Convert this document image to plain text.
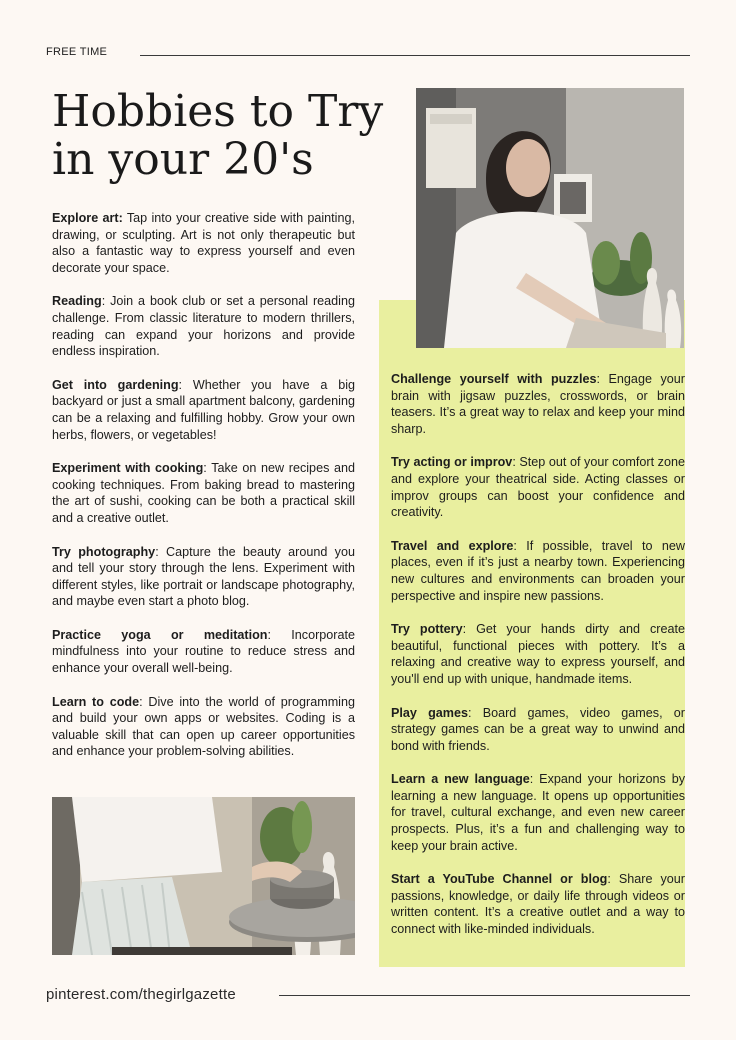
FREE TIME
Hobbies to Try in your 20's

Explore art: Tap into your creative side with painting, drawing, or sculpting. Art is not only therapeutic but also a fantastic way to express yourself and even decorate your space.

Reading: Join a book club or set a personal reading challenge. From classic literature to modern thrillers, reading can expand your horizons and provide endless inspiration.

Get into gardening: Whether you have a big backyard or just a small apartment balcony, gardening can be a relaxing and fulfilling hobby. Grow your own herbs, flowers, or vegetables!

Experiment with cooking: Take on new recipes and cooking techniques. From baking bread to mastering the art of sushi, cooking can be both a practical skill and a creative outlet.

Try photography: Capture the beauty around you and tell your story through the lens. Experiment with different styles, like portrait or landscape photography, and maybe even start a photo blog.

Practice yoga or meditation: Incorporate mindfulness into your routine to reduce stress and enhance your overall well-being.

Learn to code: Dive into the world of programming and build your own apps or websites. Coding is a valuable skill that can open up career opportunities and enhance your problem-solving abilities.

Challenge yourself with puzzles: Engage your brain with jigsaw puzzles, crosswords, or brain teasers. It’s a great way to relax and keep your mind sharp.

Try acting or improv: Step out of your comfort zone and explore your theatrical side. Acting classes or improv groups can boost your confidence and creativity.

Travel and explore: If possible, travel to new places, even if it’s just a nearby town. Experiencing new cultures and environments can broaden your perspective and inspire new passions.

Try pottery: Get your hands dirty and create beautiful, functional pieces with pottery. It’s a relaxing and creative way to express yourself, and you'll end up with unique, handmade items.

Play games: Board games, video games, or strategy games can be a great way to unwind and bond with friends.

Learn a new language: Expand your horizons by learning a new language. It opens up opportunities for travel, cultural exchange, and even new career prospects. Plus, it’s a fun and challenging way to keep your brain active.

Start a YouTube Channel or blog: Share your passions, knowledge, or daily life through videos or written content. It’s a creative outlet and a way to connect with like-minded individuals.

pinterest.com/thegirlgazette
